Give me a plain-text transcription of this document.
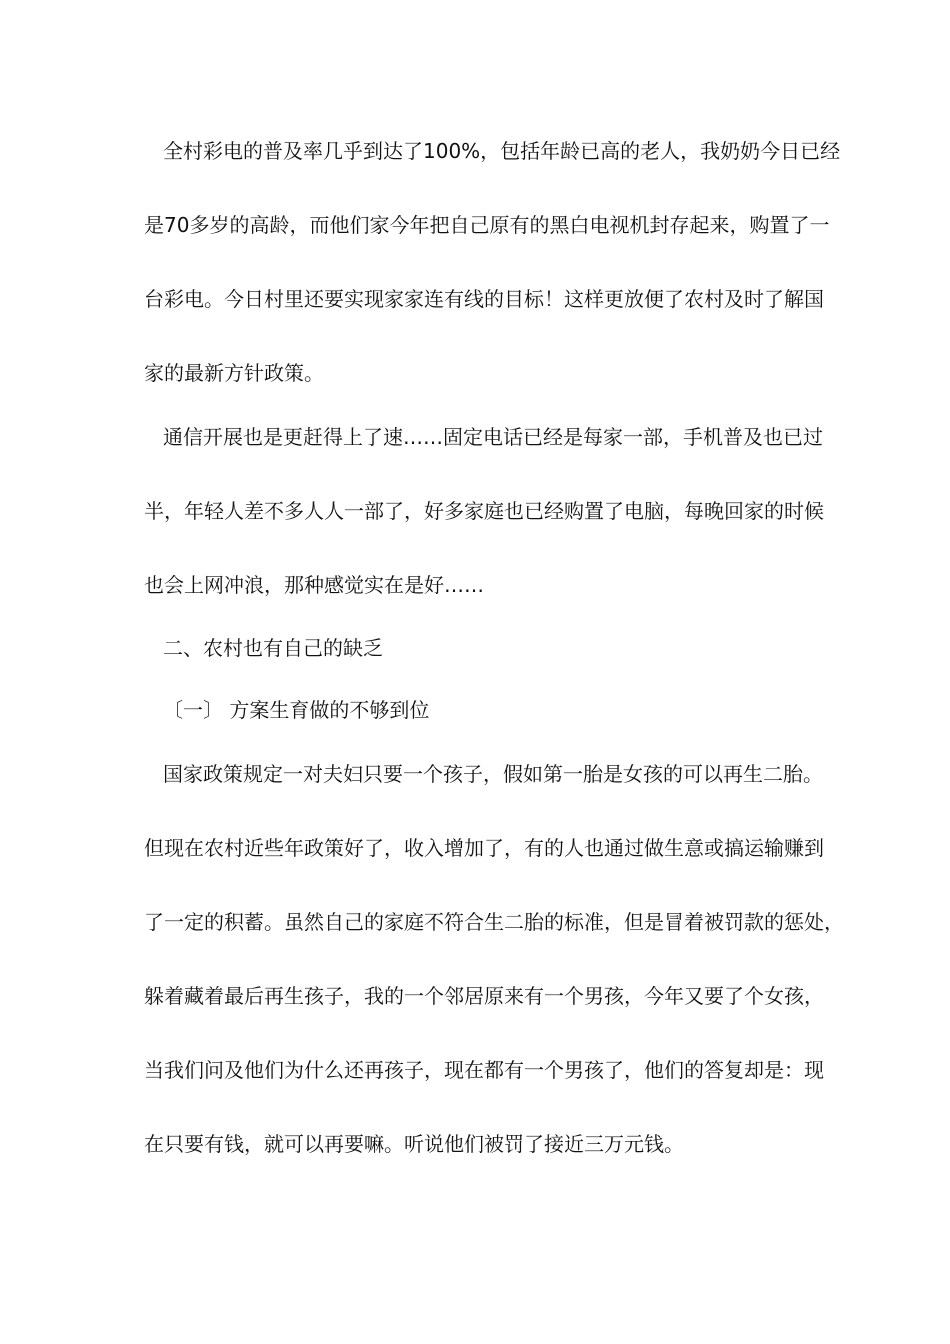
全村彩电的普及率几乎到达了100%，包括年龄已高的老人，我奶奶今日已经
是70多岁的高龄，而他们家今年把自己原有的黑白电视机封存起来，购置了一
台彩电。今日村里还要实现家家连有线的目标！这样更放便了农村及时了解国
家的最新方针政策。
通信开展也是更赶得上了速……固定电话已经是每家一部，手机普及也已过
半，年轻人差不多人人一部了，好多家庭也已经购置了电脑，每晚回家的时候
也会上网冲浪，那种感觉实在是好……
二、农村也有自己的缺乏
〔一〕 方案生育做的不够到位
国家政策规定一对夫妇只要一个孩子，假如第一胎是女孩的可以再生二胎。
但现在农村近些年政策好了，收入增加了，有的人也通过做生意或搞运输赚到
了一定的积蓄。虽然自己的家庭不符合生二胎的标准，但是冒着被罚款的惩处，
躲着藏着最后再生孩子，我的一个邻居原来有一个男孩，今年又要了个女孩，
当我们问及他们为什么还再孩子，现在都有一个男孩了，他们的答复却是：现
在只要有钱，就可以再要嘛。听说他们被罚了接近三万元钱。
